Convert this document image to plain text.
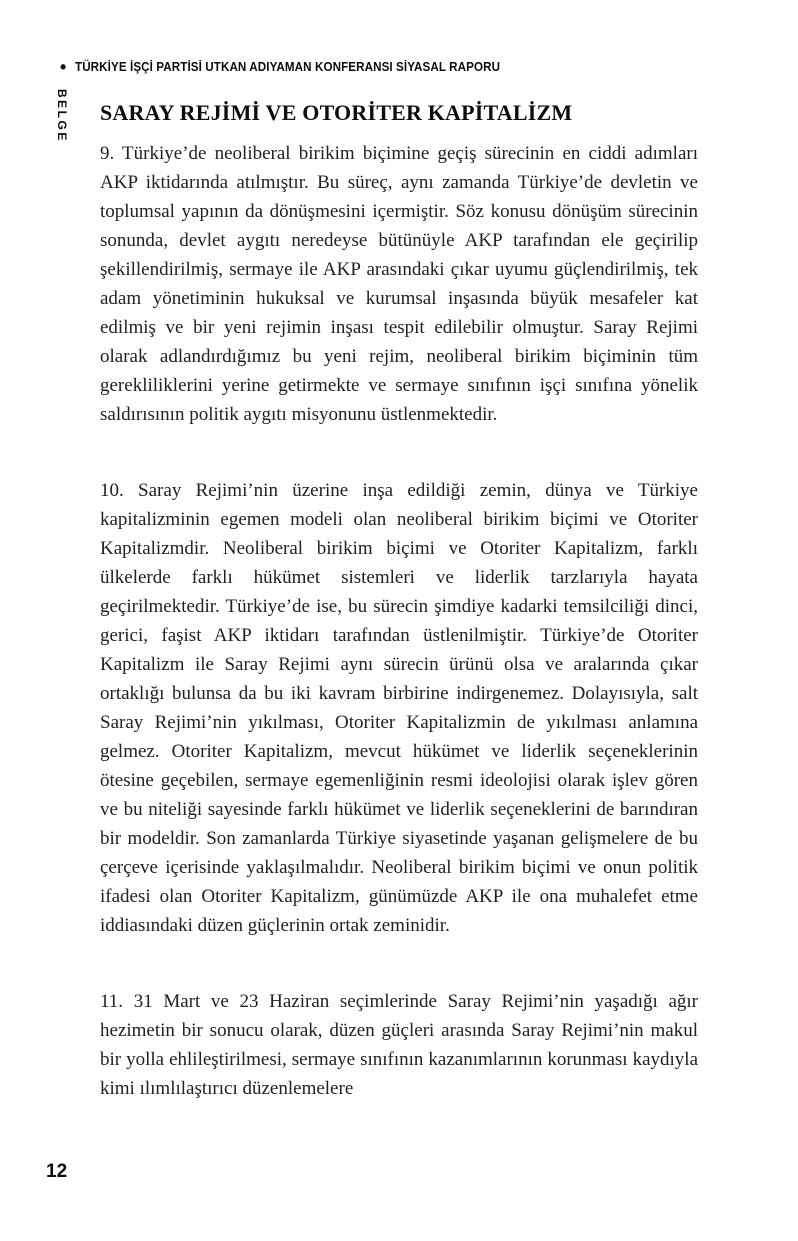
• TÜRKİYE İŞÇİ PARTİSİ UTKAN ADIYAMAN KONFERANSI SİYASAL RAPORU
BELGE SARAY REJİMİ VE OTORİTER KAPİTALİZM

9. Türkiye’de neoliberal birikim biçimine geçiş sürecinin en ciddi adımları AKP iktidarında atılmıştır. Bu süreç, aynı zamanda Türkiye’de devletin ve toplumsal yapının da dönüşmesini içermiştir. Söz konusu dönüşüm sürecinin sonunda, devlet aygıtı neredeyse bütünüyle AKP tarafından ele geçirilip şekillendirilmiş, sermaye ile AKP arasındaki çıkar uyumu güçlendirilmiş, tek adam yönetiminin hukuksal ve kurumsal inşasında büyük mesafeler kat edilmiş ve bir yeni rejimin inşası tespit edilebilir olmuştur. Saray Rejimi olarak adlandırdığımız bu yeni rejim, neoliberal birikim biçiminin tüm gerekliliklerini yerine getirmekte ve sermaye sınıfının işçi sınıfına yönelik saldırısının politik aygıtı misyonunu üstlenmektedir.

10. Saray Rejimi’nin üzerine inşa edildiği zemin, dünya ve Türkiye kapitalizminin egemen modeli olan neoliberal birikim biçimi ve Otoriter Kapitalizmdir. Neoliberal birikim biçimi ve Otoriter Kapitalizm, farklı ülkelerde farklı hükümet sistemleri ve liderlik tarzlarıyla hayata geçirilmektedir. Türkiye’de ise, bu sürecin şimdiye kadarki temsilciliği dinci, gerici, faşist AKP iktidarı tarafından üstlenilmiştir. Türkiye’de Otoriter Kapitalizm ile Saray Rejimi aynı sürecin ürünü olsa ve aralarında çıkar ortaklığı bulunsa da bu iki kavram birbirine indirgenemez. Dolayısıyla, salt Saray Rejimi’nin yıkılması, Otoriter Kapitalizmin de yıkılması anlamına gelmez. Otoriter Kapitalizm, mevcut hükümet ve liderlik seçeneklerinin ötesine geçebilen, sermaye egemenliğinin resmi ideolojisi olarak işlev gören ve bu niteliği sayesinde farklı hükümet ve liderlik seçeneklerini de barındıran bir modeldir. Son zamanlarda Türkiye siyasetinde yaşanan gelişmelere de bu çerçeve içerisinde yaklaşılmalıdır. Neoliberal birikim biçimi ve onun politik ifadesi olan Otoriter Kapitalizm, günümüzde AKP ile ona muhalefet etme iddiasındaki düzen güçlerinin ortak zeminidir.

11. 31 Mart ve 23 Haziran seçimlerinde Saray Rejimi’nin yaşadığı ağır hezimetin bir sonucu olarak, düzen güçleri arasında Saray Rejimi’nin makul bir yolla ehlileştirilmesi, sermaye sınıfının kazanımlarının korunması kaydıyla kimi ılımlılaştırıcı düzenlemelere

12
